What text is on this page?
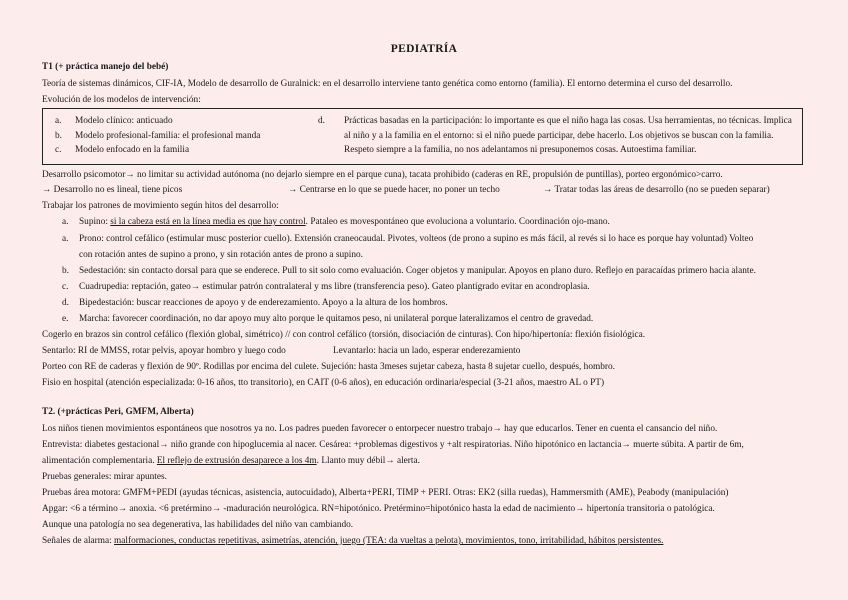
PEDIATRÍA
T1 (+ práctica manejo del bebé)
Teoría de sistemas dinámicos, CIF-IA, Modelo de desarrollo de Guralnick: en el desarrollo interviene tanto genética como entorno (familia). El entorno determina el curso del desarrollo.
Evolución de los modelos de intervención:
a. Modelo clínico: anticuado
b. Modelo profesional-familia: el profesional manda
c. Modelo enfocado en la familia
d. Prácticas basadas en la participación: lo importante es que el niño haga las cosas. Usa herramientas, no técnicas. Implica al niño y a la familia en el entorno: si el niño puede participar, debe hacerlo. Los objetivos se buscan con la familia. Respeto siempre a la familia, no nos adelantamos ni presuponemos cosas. Autoestima familiar.
Desarrollo psicomotor→ no limitar su actividad autónoma (no dejarlo siempre en el parque cuna), tacata prohibido (caderas en RE, propulsión de puntillas), porteo ergonómico>carro.
→ Desarrollo no es lineal, tiene picos	→ Centrarse en lo que se puede hacer, no poner un techo	→ Tratar todas las áreas de desarrollo (no se pueden separar)
Trabajar los patrones de movimiento según hitos del desarrollo:
a. Supino: si la cabeza está en la línea media es que hay control. Pataleo es movespontáneo que evoluciona a voluntario. Coordinación ojo-mano.
a. Prono: control cefálico (estimular musc posterior cuello). Extensión craneocaudal. Pivotes, volteos (de prono a supino es más fácil, al revés si lo hace es porque hay voluntad) Volteo
con rotación antes de supino a prono, y sin rotación antes de prono a supino.
b. Sedestación: sin contacto dorsal para que se enderece. Pull to sit solo como evaluación. Coger objetos y manipular. Apoyos en plano duro. Reflejo en paracaídas primero hacia alante.
c. Cuadrupedia: reptación, gateo→ estimular patrón contralateral y ms libre (transferencia peso). Gateo plantígrado evitar en acondroplasia.
d. Bipedestación: buscar reacciones de apoyo y de enderezamiento. Apoyo a la altura de los hombros.
e. Marcha: favorecer coordinación, no dar apoyo muy alto porque le quitamos peso, ni unilateral porque lateralizamos el centro de gravedad.
Cogerlo en brazos sin control cefálico (flexión global, simétrico) // con control cefálico (torsión, disociación de cinturas). Con hipo/hipertonía: flexión fisiológica.
Sentarlo: RI de MMSS, rotar pelvis, apoyar hombro y luego codo	Levantarlo: hacia un lado, esperar enderezamiento
Porteo con RE de caderas y flexión de 90º. Rodillas por encima del culete. Sujeción: hasta 3meses sujetar cabeza, hasta 8 sujetar cuello, después, hombro.
Fisio en hospital (atención especializada: 0-16 años, tto transitorio), en CAIT (0-6 años), en educación ordinaria/especial (3-21 años, maestro AL o PT)
T2. (+prácticas Peri, GMFM, Alberta)
Los niños tienen movimientos espontáneos que nosotros ya no. Los padres pueden favorecer o entorpecer nuestro trabajo→ hay que educarlos. Tener en cuenta el cansancio del niño.
Entrevista: diabetes gestacional→ niño grande con hipoglucemia al nacer. Cesárea: +problemas digestivos y +alt respiratorias. Niño hipotónico en lactancia→ muerte súbita. A partir de 6m,
alimentación complementaria. El reflejo de extrusión desaparece a los 4m. Llanto muy débil→ alerta.
Pruebas generales: mirar apuntes.
Pruebas área motora: GMFM+PEDI (ayudas técnicas, asistencia, autocuidado), Alberta+PERI, TIMP + PERI. Otras: EK2 (silla ruedas), Hammersmith (AME), Peabody (manipulación)
Apgar: <6 a término→ anoxia. <6 pretérmino→ -maduración neurológica. RN=hipotónico. Pretérmino=hipotónico hasta la edad de nacimiento→ hipertonía transitoria o patológica.
Aunque una patología no sea degenerativa, las habilidades del niño van cambiando.
Señales de alarma: malformaciones, conductas repetitivas, asimetrías, atención, juego (TEA: da vueltas a pelota), movimientos, tono, irritabilidad, hábitos persistentes.
